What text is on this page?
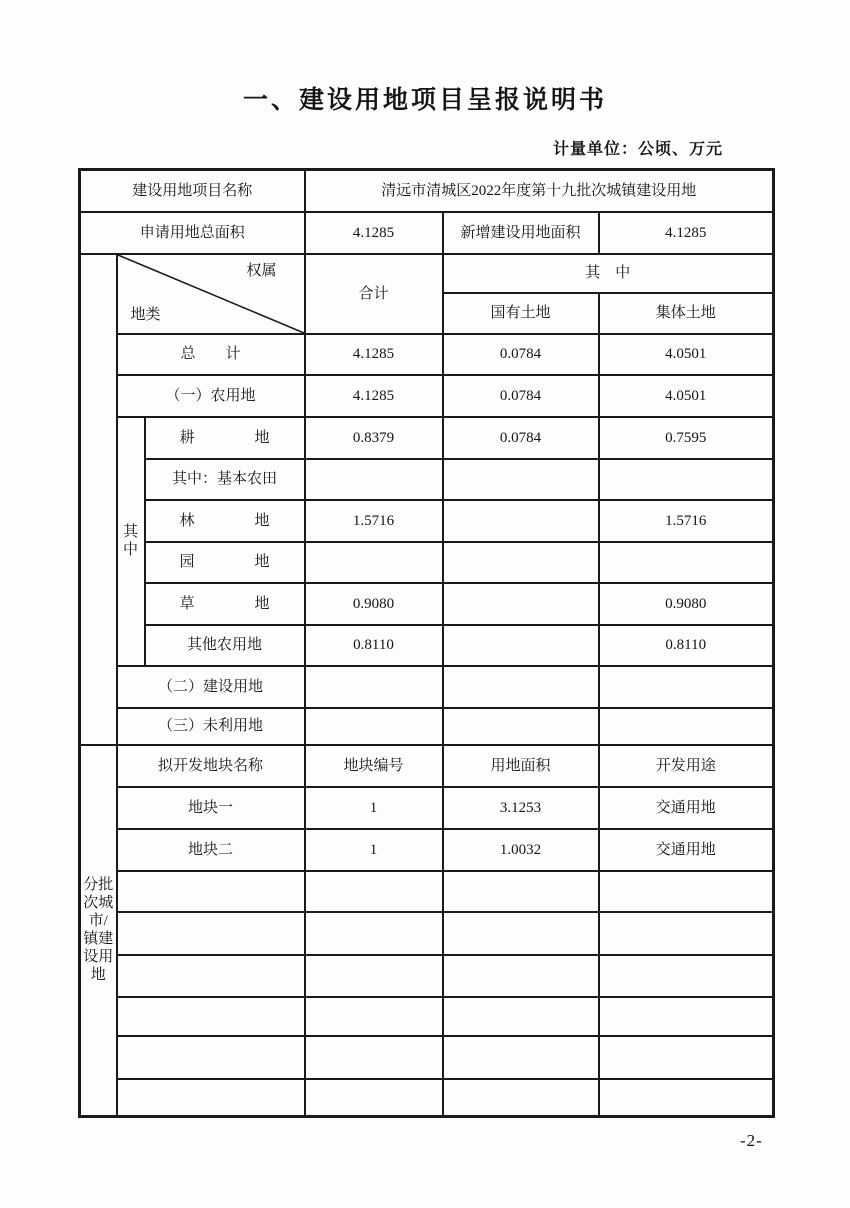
一、建设用地项目呈报说明书
计量单位：公顷、万元
建设用地项目名称			清远市清城区2022年度第十九批次城镇建设用地		
申请用地总面积			4.1285	新增建设用地面积	4.1285

	权属
地类		合计	其　中	
				国有土地	集体土地
	总　　计		4.1285	0.0784	4.0501
	（一）农用地		4.1285	0.0784	4.0501
	其中	耕　　　　地	0.8379	0.0784	0.7595
		其中：基本农田			
		林　　　　地	1.5716		1.5716
		园　　　　地			
		草　　　　地	0.9080		0.9080
		其他农用地	0.8110		0.8110
	（二）建设用地				
	（三）未利用地				
分批次城市/镇建设用地	拟开发地块名称		地块编号	用地面积	开发用途
	地块一		1	3.1253	交通用地
	地块二		1	1.0032	交通用地

-2-
